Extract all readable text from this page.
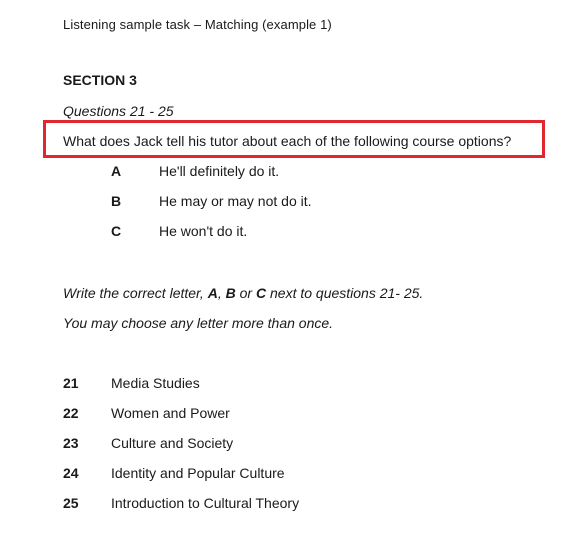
Listening sample task – Matching (example 1)
SECTION 3
Questions 21 - 25
What does Jack tell his tutor about each of the following course options?
A	He'll definitely do it.
B	He may or may not do it.
C	He won't do it.
Write the correct letter, A, B or C next to questions 21- 25.
You may choose any letter more than once.
21 Media Studies
22 Women and Power
23 Culture and Society
24 Identity and Popular Culture
25 Introduction to Cultural Theory
